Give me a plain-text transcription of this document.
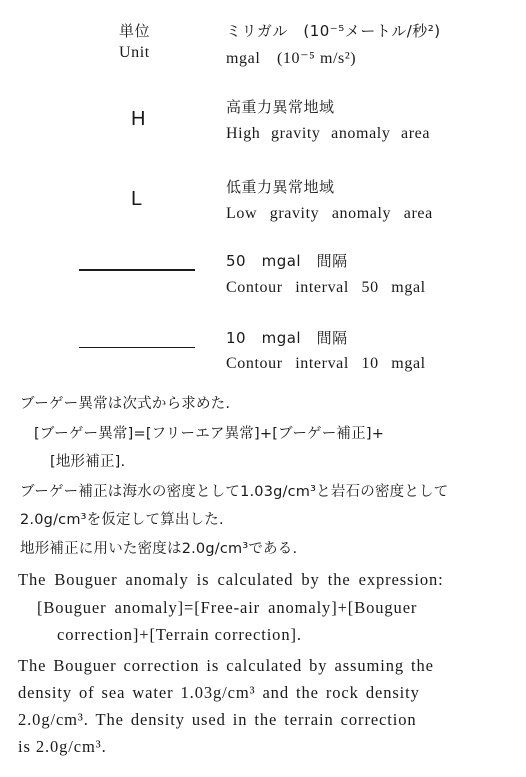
単位
Unit
ミリガル　(10⁻⁵メートル/秒²)
mgal　(10⁻⁵ m/s²)
H
高重力異常地域
High gravity anomaly area
L
低重力異常地域
Low gravity anomaly area
50　mgal　間隔
Contour interval 50 mgal
10　mgal　間隔
Contour interval 10 mgal
ブーゲー異常は次式から求めた.
[ブーゲー異常]=[フリーエア異常]+[ブーゲー補正]+
[地形補正].
ブーゲー補正は海水の密度として1.03g/cm³と岩石の密度として
2.0g/cm³を仮定して算出した.
地形補正に用いた密度は2.0g/cm³である.
The Bouguer anomaly is calculated by the expression:
[Bouguer anomaly]=[Free-air anomaly]+[Bouguer
correction]+[Terrain correction].
The Bouguer correction is calculated by assuming the
density of sea water 1.03g/cm³ and the rock density
2.0g/cm³. The density used in the terrain correction
is 2.0g/cm³.
